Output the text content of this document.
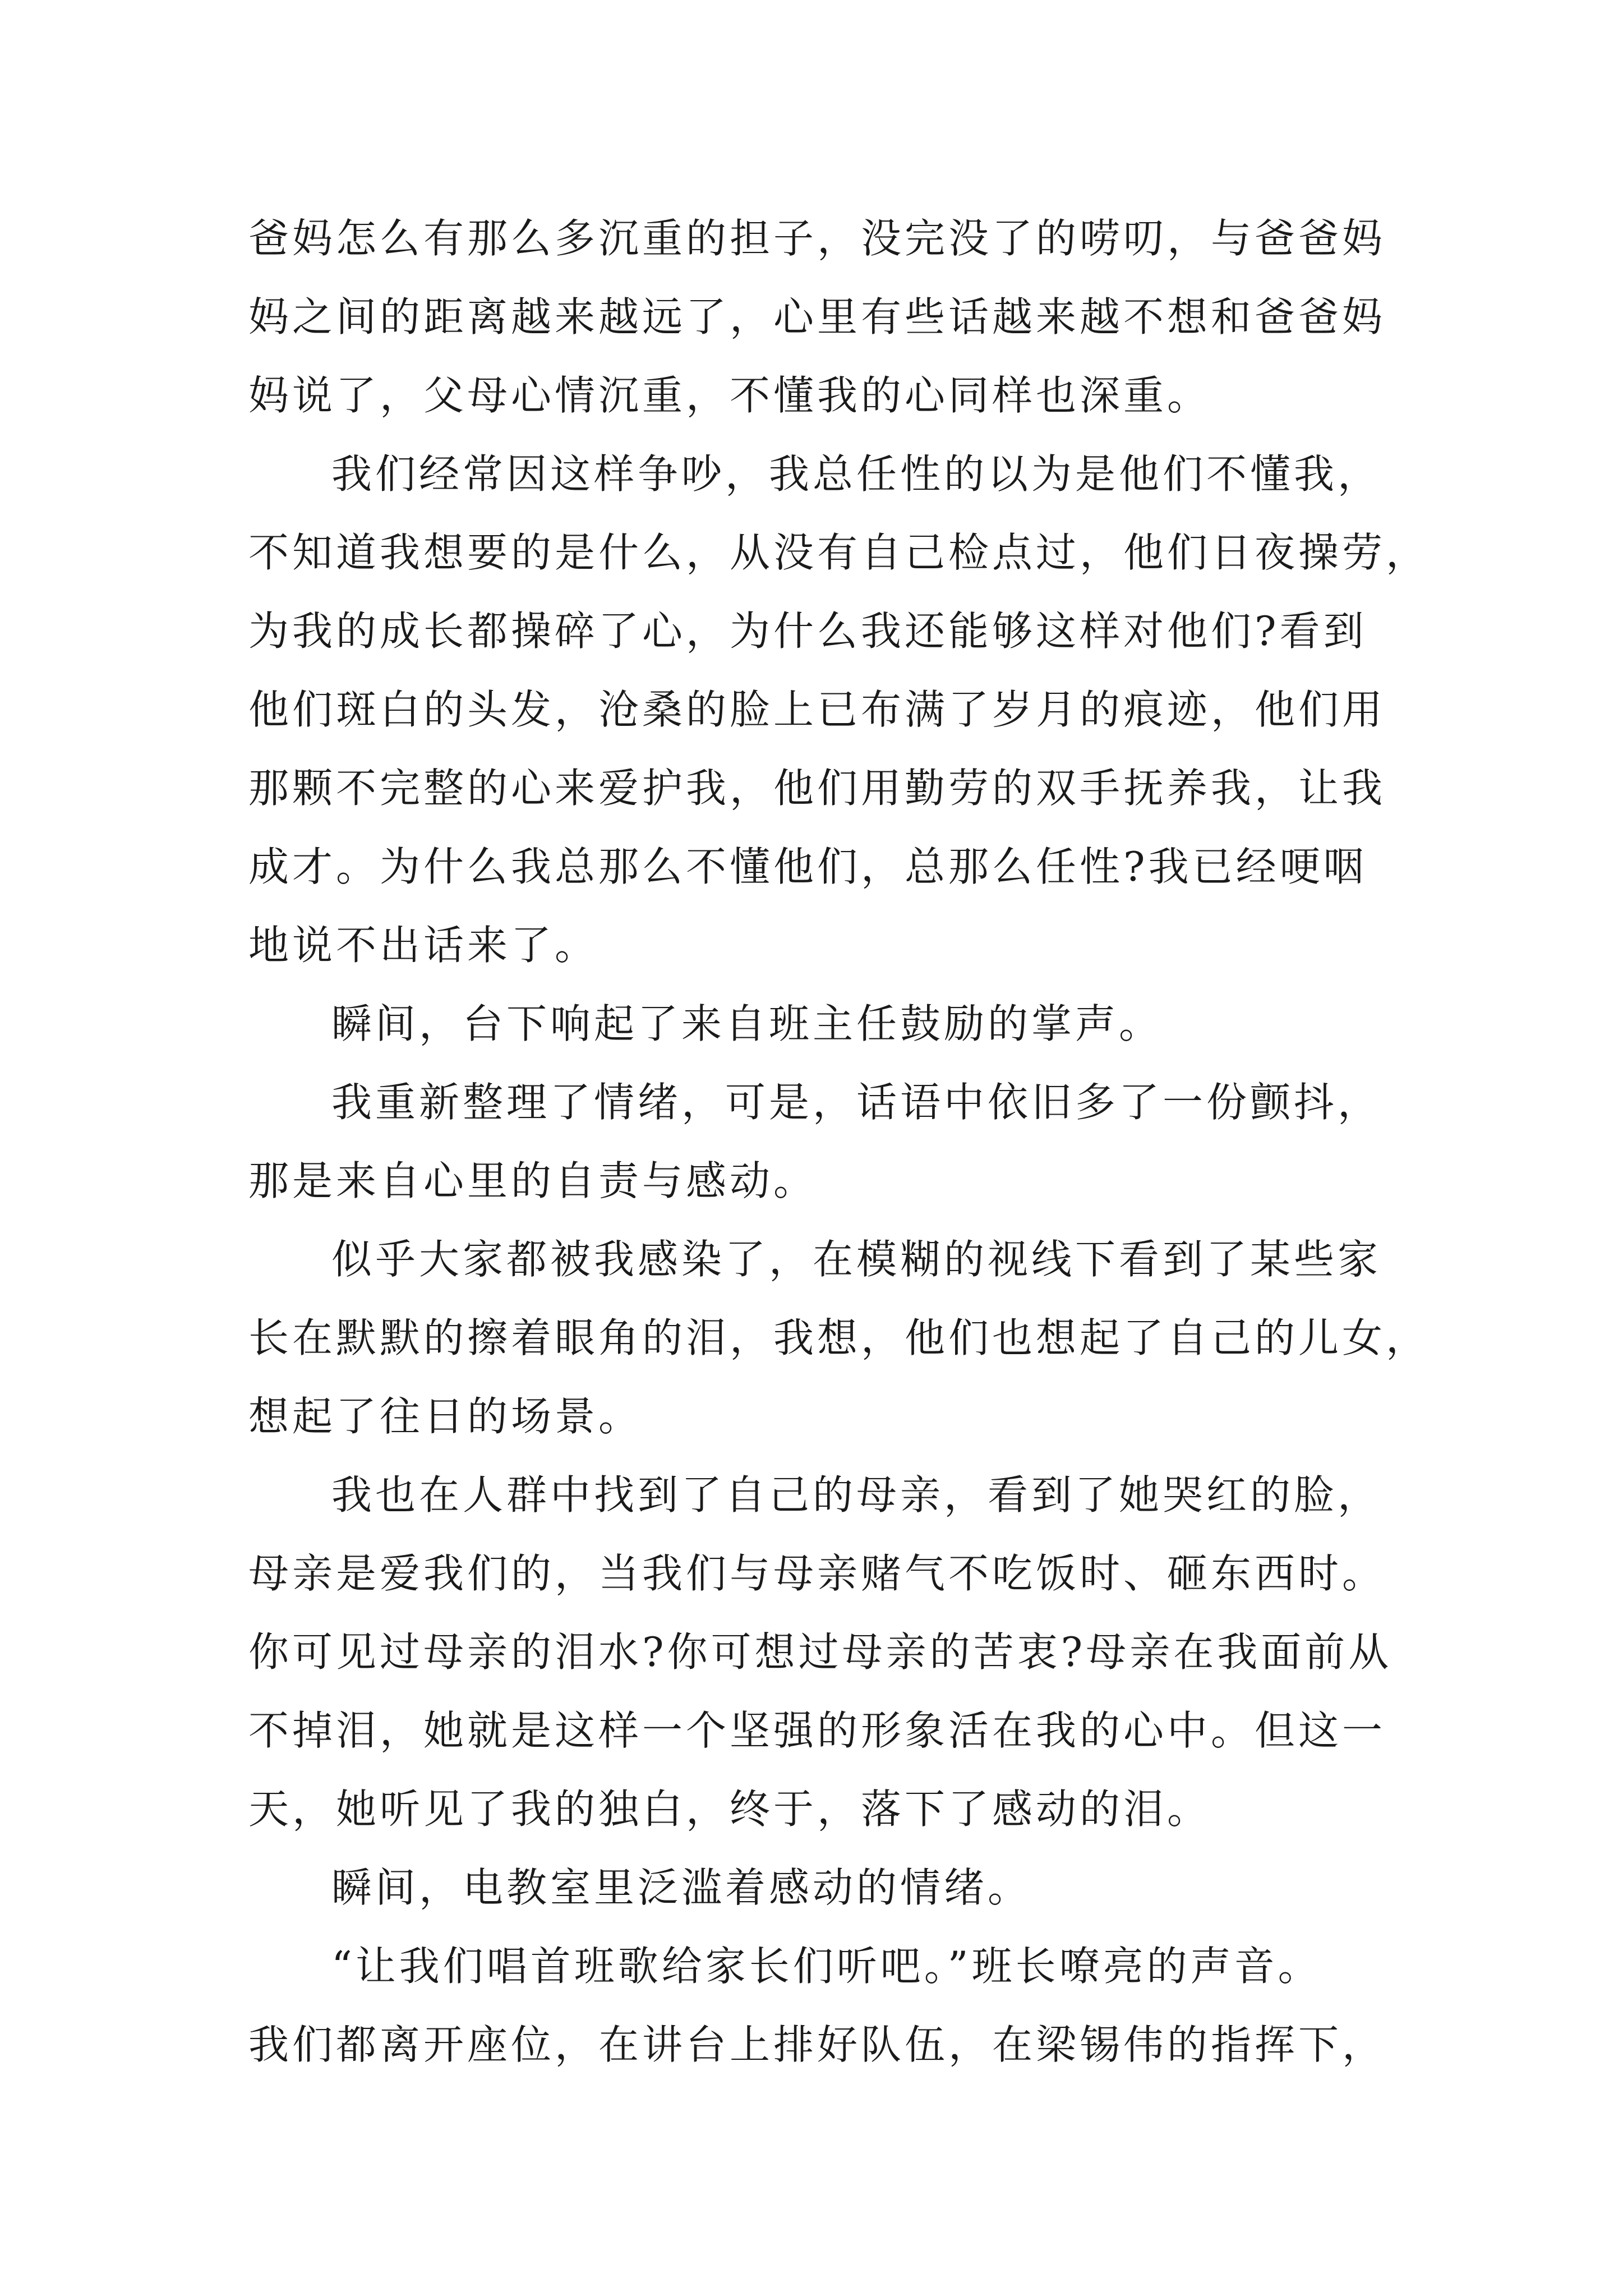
爸妈怎么有那么多沉重的担子，没完没了的唠叨，与爸爸妈
妈之间的距离越来越远了，心里有些话越来越不想和爸爸妈
妈说了，父母心情沉重，不懂我的心同样也深重。

我们经常因这样争吵，我总任性的以为是他们不懂我，
不知道我想要的是什么，从没有自己检点过，他们日夜操劳，
为我的成长都操碎了心，为什么我还能够这样对他们?看到
他们斑白的头发，沧桑的脸上已布满了岁月的痕迹，他们用
那颗不完整的心来爱护我，他们用勤劳的双手抚养我，让我
成才。为什么我总那么不懂他们，总那么任性?我已经哽咽
地说不出话来了。

瞬间，台下响起了来自班主任鼓励的掌声。

我重新整理了情绪，可是，话语中依旧多了一份颤抖，
那是来自心里的自责与感动。

似乎大家都被我感染了，在模糊的视线下看到了某些家
长在默默的擦着眼角的泪，我想，他们也想起了自己的儿女，
想起了往日的场景。

我也在人群中找到了自己的母亲，看到了她哭红的脸，
母亲是爱我们的，当我们与母亲赌气不吃饭时、砸东西时。
你可见过母亲的泪水?你可想过母亲的苦衷?母亲在我面前从
不掉泪，她就是这样一个坚强的形象活在我的心中。但这一
天，她听见了我的独白，终于，落下了感动的泪。

瞬间，电教室里泛滥着感动的情绪。

“让我们唱首班歌给家长们听吧。”班长嘹亮的声音。
我们都离开座位，在讲台上排好队伍，在梁锡伟的指挥下，
